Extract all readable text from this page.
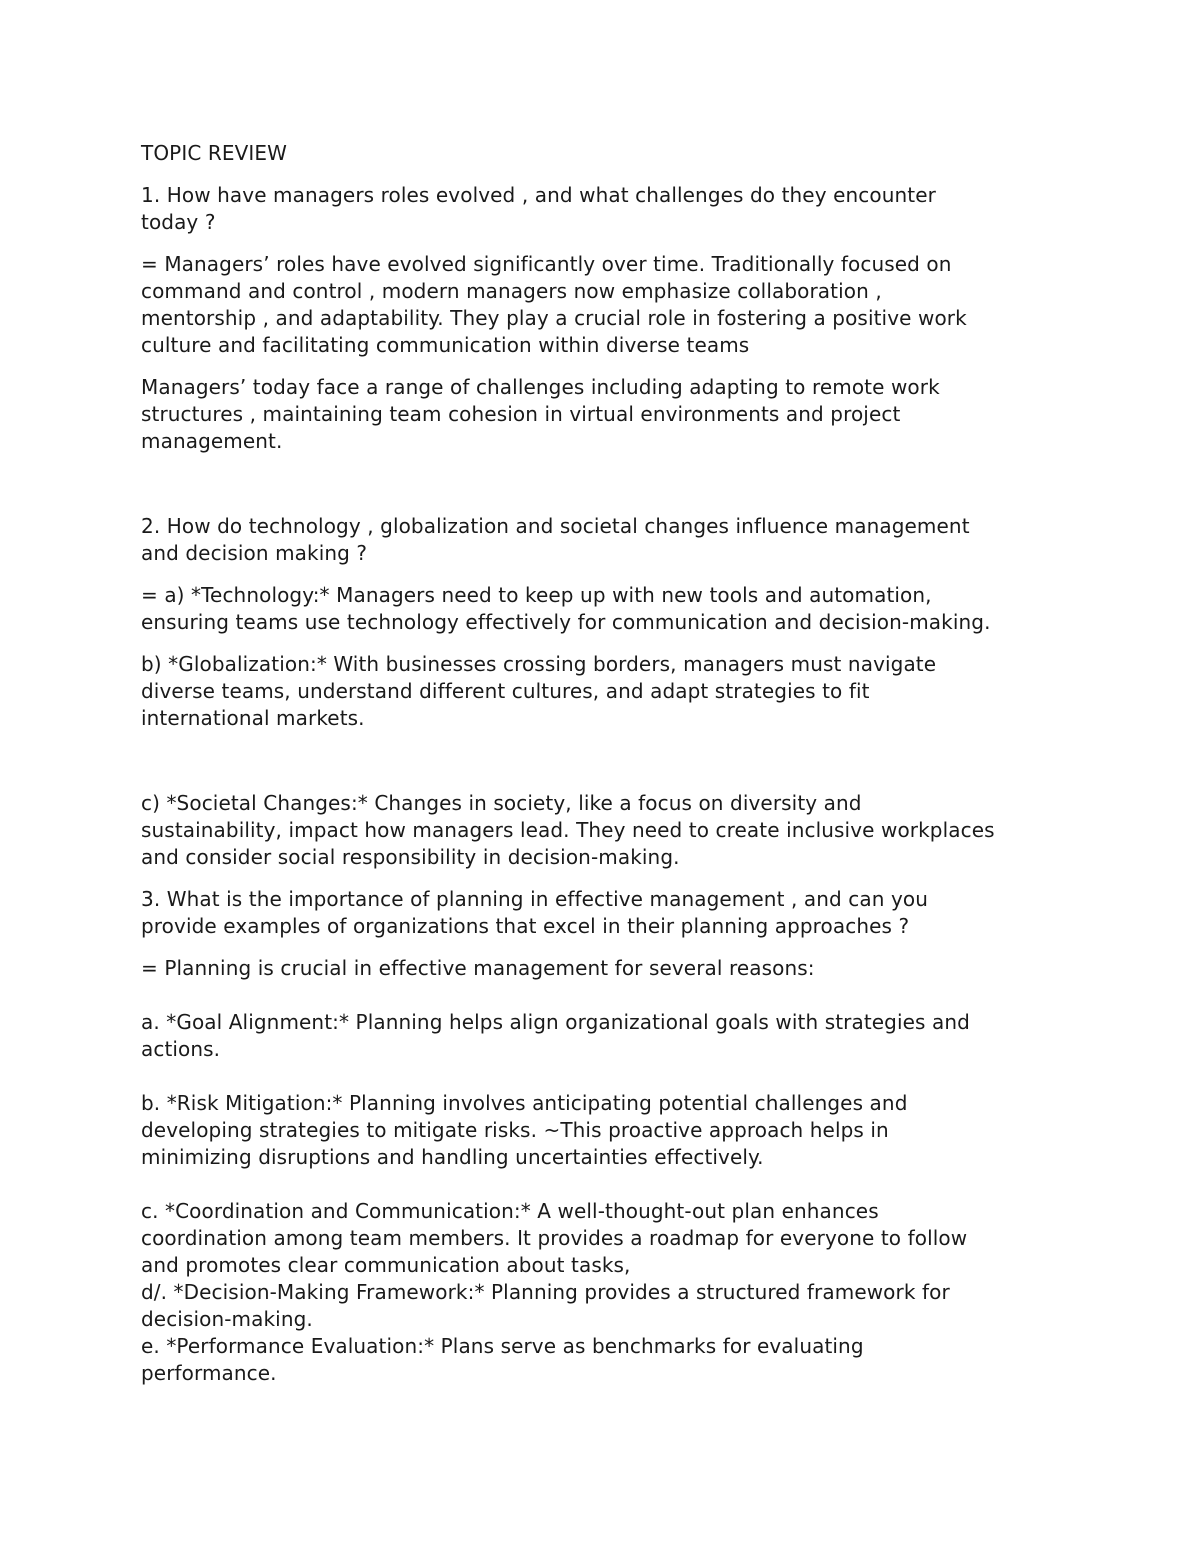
TOPIC REVIEW
1. How have managers roles evolved , and what challenges do they encounter
today ?
= Managers’ roles have evolved significantly over time. Traditionally focused on
command and control , modern managers now emphasize collaboration ,
mentorship , and adaptability. They play a crucial role in fostering a positive work
culture and facilitating communication within diverse teams
Managers’ today face a range of challenges including adapting to remote work
structures , maintaining team cohesion in virtual environments and project
management.
2. How do technology , globalization and societal changes influence management
and decision making ?
= a) *Technology:* Managers need to keep up with new tools and automation,
ensuring teams use technology effectively for communication and decision-making.
b) *Globalization:* With businesses crossing borders, managers must navigate
diverse teams, understand different cultures, and adapt strategies to fit
international markets.
c) *Societal Changes:* Changes in society, like a focus on diversity and
sustainability, impact how managers lead. They need to create inclusive workplaces
and consider social responsibility in decision-making.
3. What is the importance of planning in effective management , and can you
provide examples of organizations that excel in their planning approaches ?
= Planning is crucial in effective management for several reasons:
a. *Goal Alignment:* Planning helps align organizational goals with strategies and
actions.
b. *Risk Mitigation:* Planning involves anticipating potential challenges and
developing strategies to mitigate risks. ~This proactive approach helps in
minimizing disruptions and handling uncertainties effectively.
c. *Coordination and Communication:* A well-thought-out plan enhances
coordination among team members. It provides a roadmap for everyone to follow
and promotes clear communication about tasks,
d/. *Decision-Making Framework:* Planning provides a structured framework for
decision-making.
e. *Performance Evaluation:* Plans serve as benchmarks for evaluating
performance.
